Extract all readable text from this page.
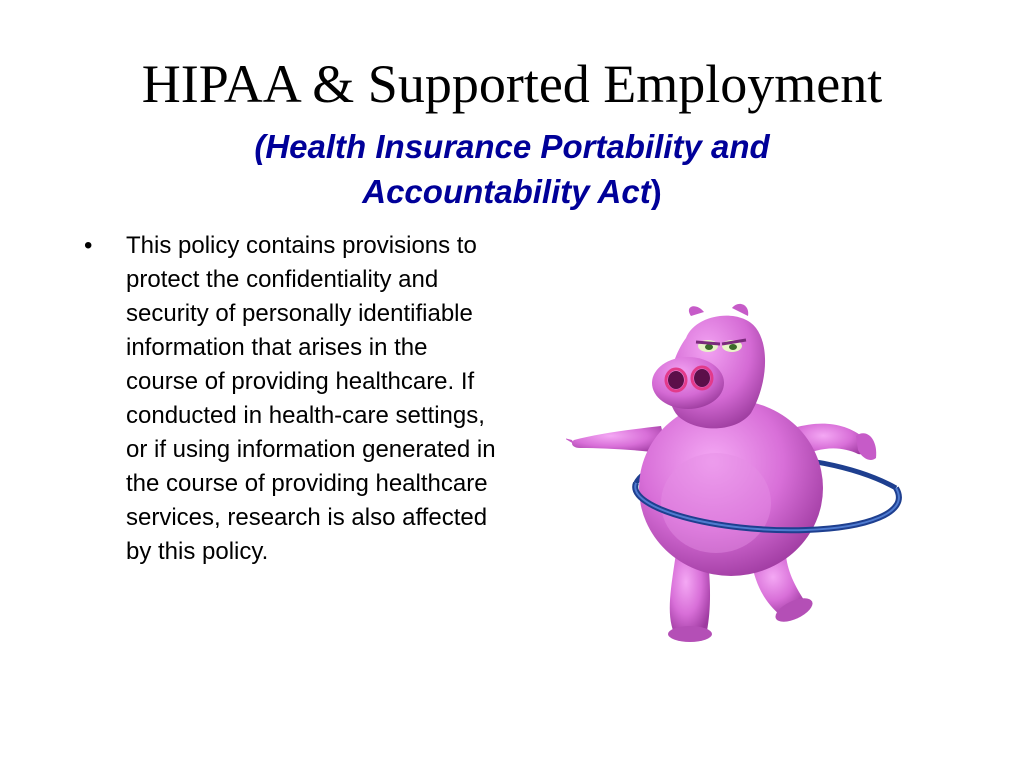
HIPAA & Supported Employment
(Health Insurance Portability and
Accountability Act)
• This policy contains provisions to protect the confidentiality and security of personally identifiable information that arises in the course of providing healthcare. If conducted in health-care settings, or if using information generated in the course of providing healthcare services, research is also affected by this policy.
